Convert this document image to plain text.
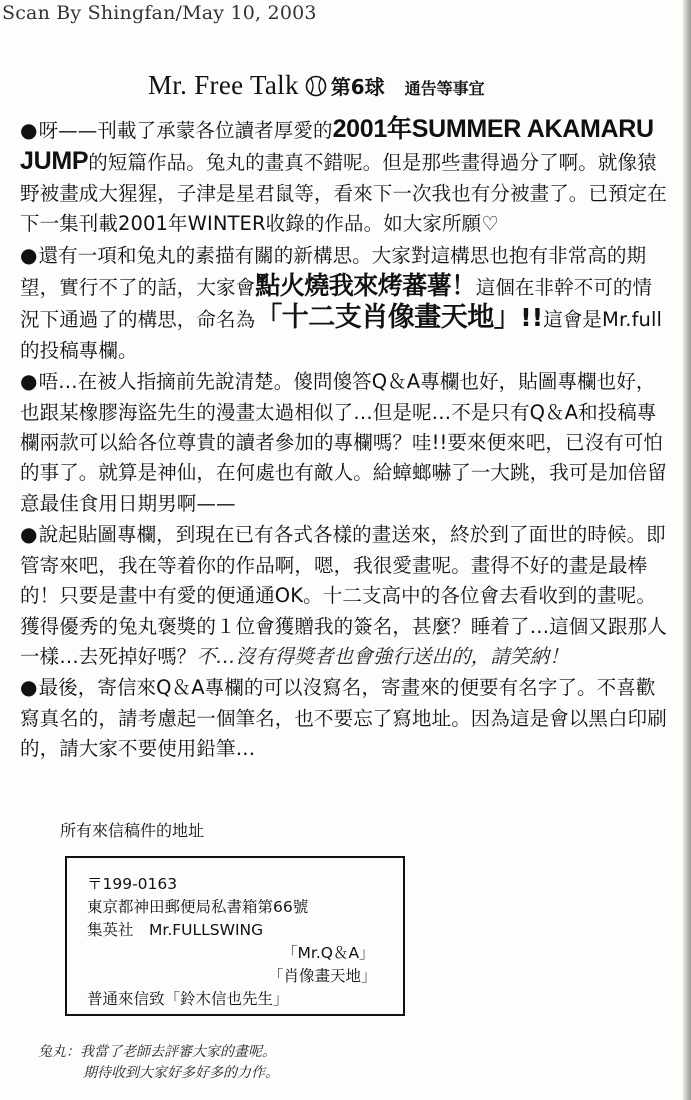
Scan By Shingfan/May 10, 2003
Mr. Free Talk 第6球 通告等事宜

●呀——刊載了承蒙各位讀者厚愛的2001年SUMMER AKAMARU JUMP的短篇作品。兔丸的畫真不錯呢。但是那些畫得過分了啊。就像猿野被畫成大猩猩，子津是星君鼠等，看來下一次我也有分被畫了。已預定在下一集刊載2001年WINTER收錄的作品。如大家所願♡

●還有一項和兔丸的素描有關的新構思。大家對這構思也抱有非常高的期望，實行不了的話，大家會點火燒我來烤蕃薯！這個在非幹不可的情況下通過了的構思，命名為「十二支肖像畫天地」!!這會是Mr.full的投稿專欄。

●唔…在被人指摘前先說清楚。傻問傻答Q＆A專欄也好，貼圖專欄也好，也跟某橡膠海盜先生的漫畫太過相似了…但是呢…不是只有Q＆A和投稿專欄兩款可以給各位尊貴的讀者參加的專欄嗎？哇!!要來便來吧，已沒有可怕的事了。就算是神仙，在何處也有敵人。給蟑螂嚇了一大跳，我可是加倍留意最佳食用日期男啊——

●說起貼圖專欄，到現在已有各式各樣的畫送來，終於到了面世的時候。即管寄來吧，我在等着你的作品啊，嗯，我很愛畫呢。畫得不好的畫是最棒的！只要是畫中有愛的便通通OK。十二支高中的各位會去看收到的畫呢。獲得優秀的兔丸褒獎的１位會獲贈我的簽名，甚麼？睡着了…這個又跟那人一樣…去死掉好嗎？不…沒有得獎者也會強行送出的，請笑納！

●最後，寄信來Q＆A專欄的可以沒寫名，寄畫來的便要有名字了。不喜歡寫真名的，請考慮起一個筆名，也不要忘了寫地址。因為這是會以黑白印刷的，請大家不要使用鉛筆…

所有來信稿件的地址
〒199-0163
東京都神田郵便局私書箱第66號
集英社　Mr.FULLSWING
「Mr.Q＆A」
「肖像畫天地」
普通來信致「鈴木信也先生」
兔丸：我當了老師去評審大家的畫呢。
期待收到大家好多好多的力作。
